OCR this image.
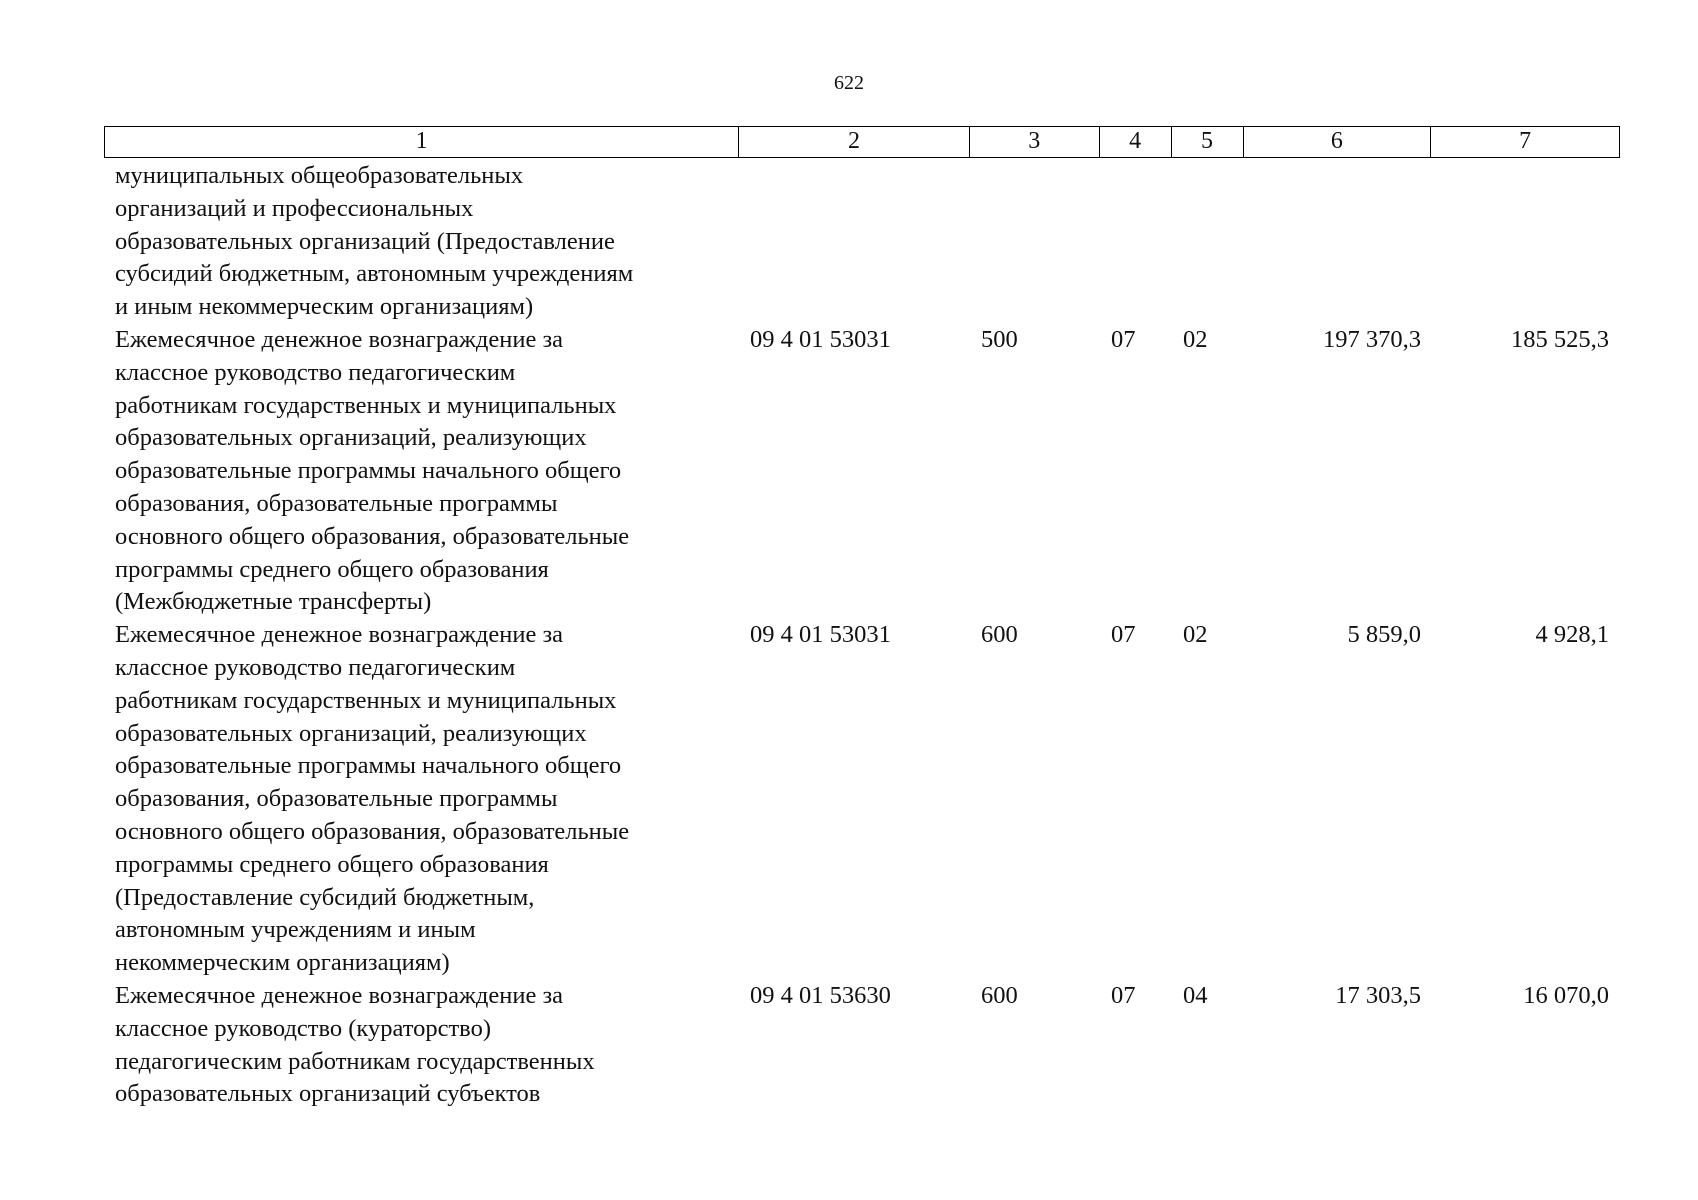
622
1	2	3	4	5	6	7
муниципальных общеобразовательных
организаций и профессиональных
образовательных организаций (Предоставление
субсидий бюджетным, автономным учреждениям
и иным некоммерческим организациям)
Ежемесячное денежное вознаграждение за
классное руководство педагогическим
работникам государственных и муниципальных
образовательных организаций, реализующих
образовательные программы начального общего
образования, образовательные программы
основного общего образования, образовательные
программы среднего общего образования
(Межбюджетные трансферты)
09 4 01 53031	500	07	02	197 370,3	185 525,3
Ежемесячное денежное вознаграждение за
классное руководство педагогическим
работникам государственных и муниципальных
образовательных организаций, реализующих
образовательные программы начального общего
образования, образовательные программы
основного общего образования, образовательные
программы среднего общего образования
(Предоставление субсидий бюджетным,
автономным учреждениям и иным
некоммерческим организациям)
09 4 01 53031	600	07	02	5 859,0	4 928,1
Ежемесячное денежное вознаграждение за
классное руководство (кураторство)
педагогическим работникам государственных
образовательных организаций субъектов
09 4 01 53630	600	07	04	17 303,5	16 070,0
